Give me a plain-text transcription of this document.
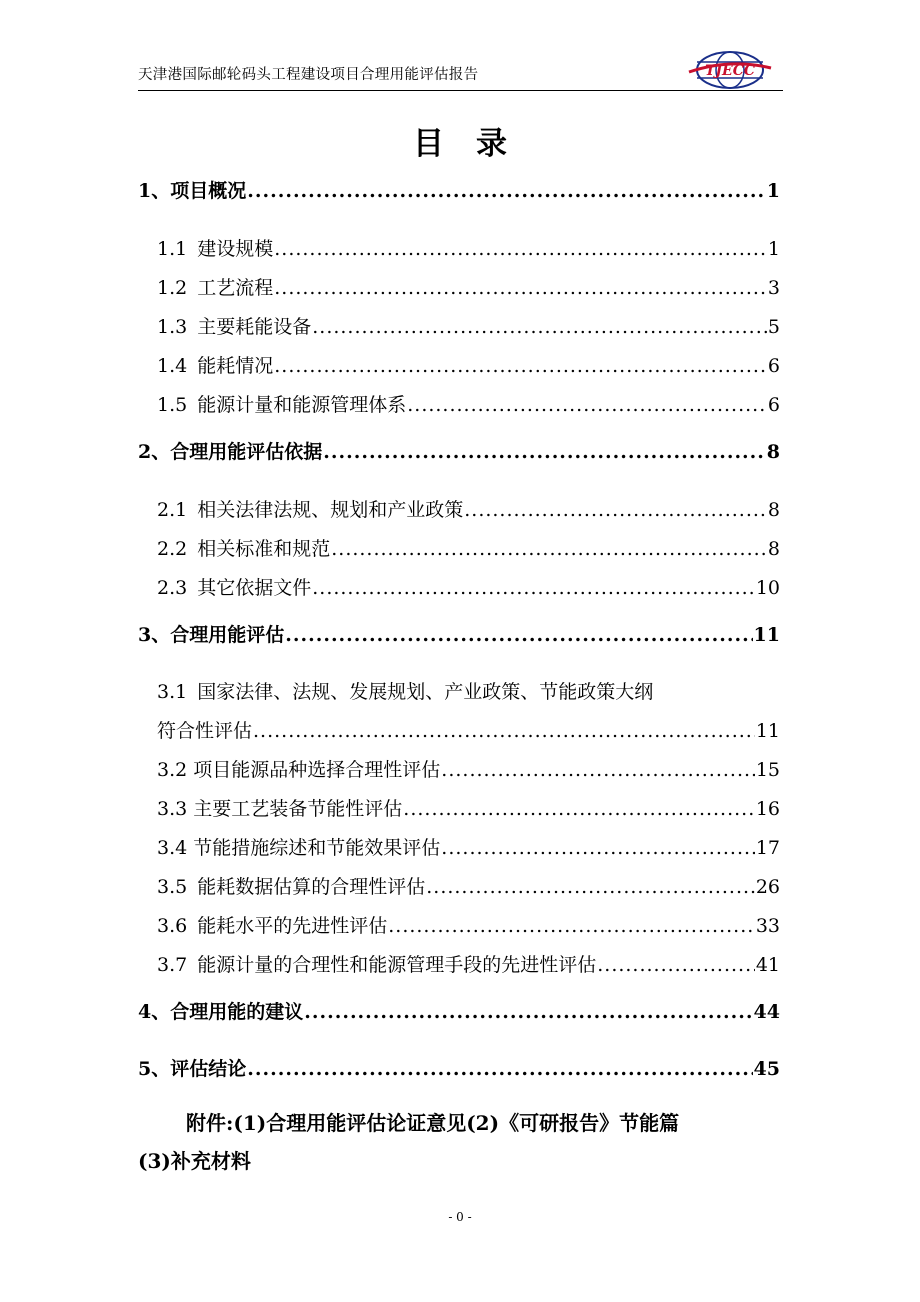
天津港国际邮轮码头工程建设项目合理用能评估报告	TJECC
目录
1、项目概况 .....	1
1.1 建设规模 .....	1
1.2 工艺流程 .....	3
1.3 主要耗能设备 .....	5
1.4 能耗情况 .....	6
1.5 能源计量和能源管理体系 .....	6
2、合理用能评估依据 .....	8
2.1 相关法律法规、规划和产业政策 .....	8
2.2 相关标准和规范 .....	8
2.3 其它依据文件 .....	10
3、合理用能评估 .....	11
3.1 国家法律、法规、发展规划、产业政策、节能政策大纲
符合性评估 .....	11
3.2 项目能源品种选择合理性评估 .....	15
3.3 主要工艺装备节能性评估 .....	16
3.4 节能措施综述和节能效果评估 .....	17
3.5 能耗数据估算的合理性评估 .....	26
3.6 能耗水平的先进性评估 .....	33
3.7 能源计量的合理性和能源管理手段的先进性评估 .....	41
4、合理用能的建议 .....	44
5、评估结论 .....	45
附件:(1)合理用能评估论证意见(2)《可研报告》节能篇
(3)补充材料
- 0 -
